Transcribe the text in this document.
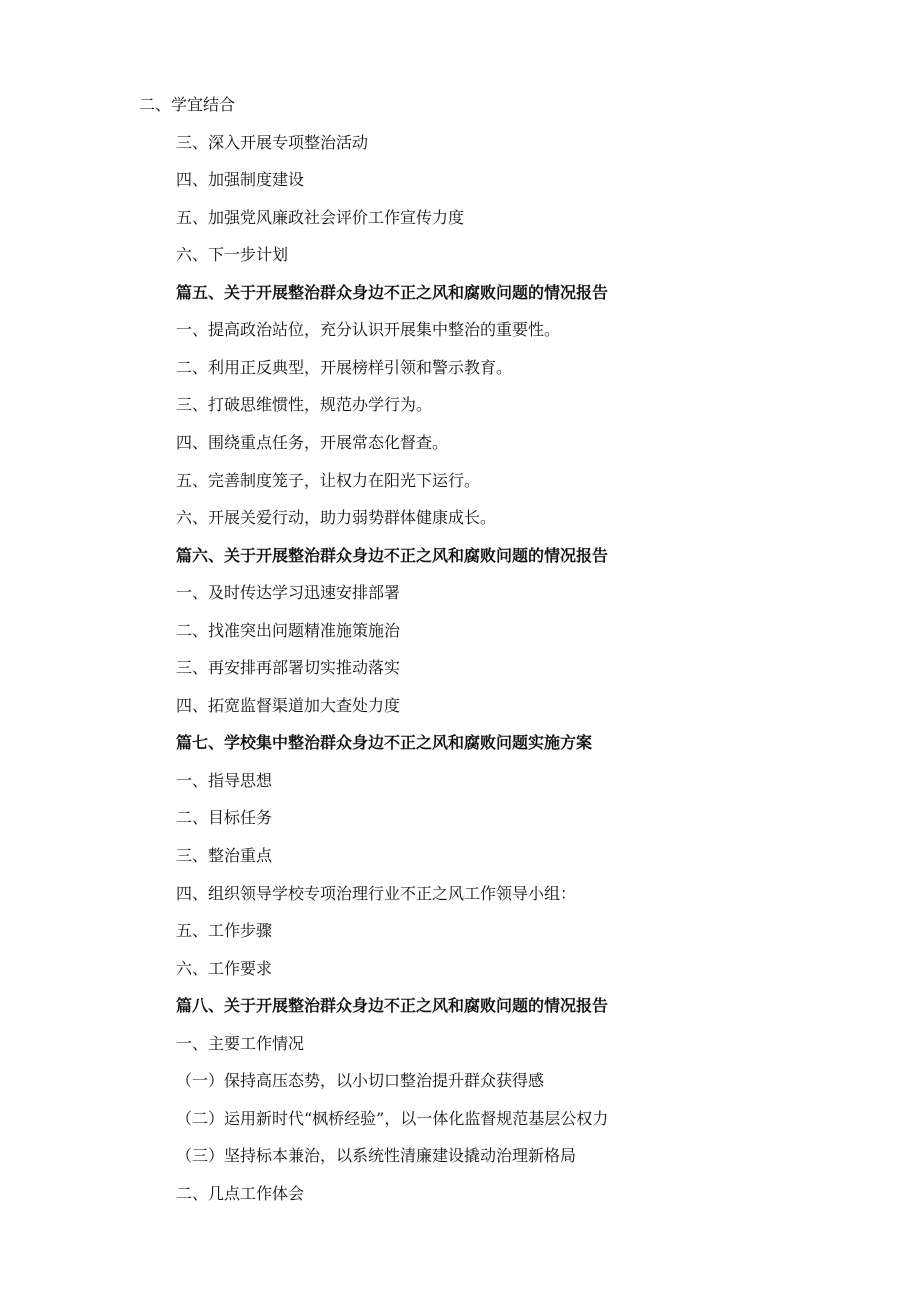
二、学宜结合
三、深入开展专项整治活动
四、加强制度建设
五、加强党风廉政社会评价工作宣传力度
六、下一步计划
篇五、关于开展整治群众身边不正之风和腐败问题的情况报告
一、提高政治站位，充分认识开展集中整治的重要性。
二、利用正反典型，开展榜样引领和警示教育。
三、打破思维惯性，规范办学行为。
四、围绕重点任务，开展常态化督查。
五、完善制度笼子，让权力在阳光下运行。
六、开展关爱行动，助力弱势群体健康成长。
篇六、关于开展整治群众身边不正之风和腐败问题的情况报告
一、及时传达学习迅速安排部署
二、找准突出问题精准施策施治
三、再安排再部署切实推动落实
四、拓宽监督渠道加大查处力度
篇七、学校集中整治群众身边不正之风和腐败问题实施方案
一、指导思想
二、目标任务
三、整治重点
四、组织领导学校专项治理行业不正之风工作领导小组：
五、工作步骤
六、工作要求
篇八、关于开展整治群众身边不正之风和腐败问题的情况报告
一、主要工作情况
（一）保持高压态势，以小切口整治提升群众获得感
（二）运用新时代“枫桥经验”，以一体化监督规范基层公权力
（三）坚持标本兼治，以系统性清廉建设撬动治理新格局
二、几点工作体会
